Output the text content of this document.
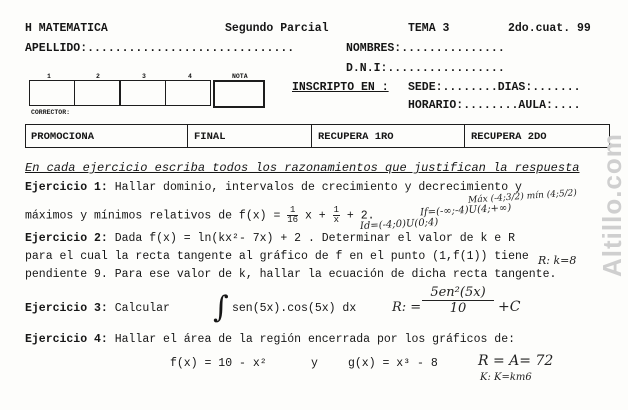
H MATEMATICA	Segundo Parcial	TEMA 3	2do.cuat. 99
APELLIDO:..............................	NOMBRES:...............
D.N.I:.................
1	2	3	4	NOTA
CORRECTOR:
INSCRIPTO EN : SEDE:........DIAS:.......
HORARIO:........AULA:....
PROMOCIONA	FINAL	RECUPERA 1RO	RECUPERA 2DO
En cada ejercicio escriba todos los razonamientos que justifican la respuesta
Ejercicio 1: Hallar dominio, intervalos de crecimiento y decrecimiento y
máximos y mínimos relativos de $f(x) = \frac{1}{16}$ $x + \frac{1}{x} + 2$.
Máx (-4;3/2) mín (4;5/2)
If=(-∞;-4)U(4;+∞)
Id=(-4;0)U(0;4)
Ejercicio 2: Dada f(x) = ln(kx²- 7x) + 2 . Determinar el valor de k e R
para el cual la recta tangente al gráfico de f en el punto (1,f(1)) tiene
pendiente 9. Para ese valor de k, hallar la ecuación de dicha recta tangente.
R: k=8
Ejercicio 3: Calcular ∫ sen(5x).cos(5x) dx	R: = $\frac{\text{5en²(5x)}}{10} +C$
Ejercicio 4: Hallar el área de la región encerrada por los gráficos de:
f(x) = 10 - x²	y	g(x) = x³ - 8	R = A= 72
K: K=km6
Altillo.com
